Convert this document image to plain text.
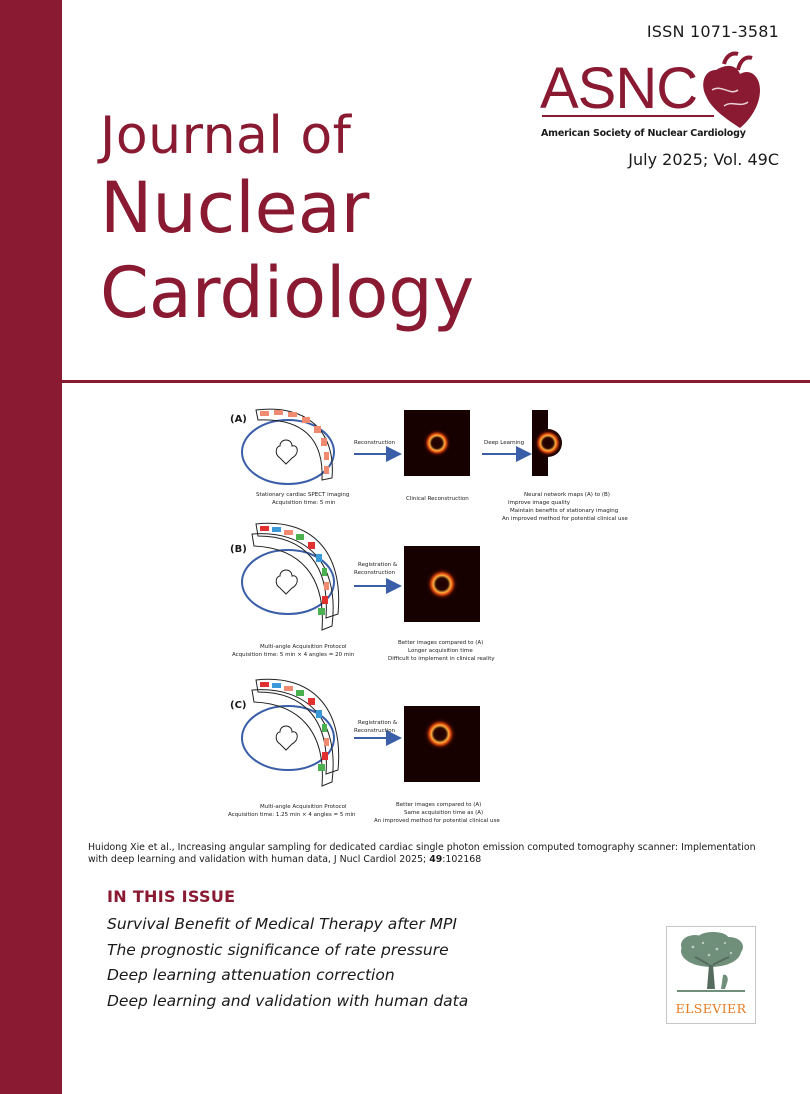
ISSN 1071-3581
ASNC
American Society of Nuclear Cardiology
July 2025; Vol. 49C
Journal of
Nuclear
Cardiology
(A)
Stationary cardiac SPECT imaging
Acquisition time: 5 min
Reconstruction
Clinical Reconstruction
Deep Learning
Neural network maps (A) to (B)
Improve image quality
Maintain benefits of stationary imaging
An improved method for potential clinical use
(B)
Multi-angle Acquisition Protocol
Acquisition time: 5 min × 4 angles = 20 min
Registration &
Reconstruction
Better images compared to (A)
Longer acquisition time
Difficult to implement in clinical reality
(C)
Multi-angle Acquisition Protocol
Acquisition time: 1.25 min × 4 angles = 5 min
Registration &
Reconstruction
Better images compared to (A)
Same acquisition time as (A)
An improved method for potential clinical use
Huidong Xie et al., Increasing angular sampling for dedicated cardiac single photon emission computed tomography scanner: Implementation with deep learning and validation with human data, J Nucl Cardiol 2025; 49:102168
IN THIS ISSUE
Survival Benefit of Medical Therapy after MPI
The prognostic significance of rate pressure
Deep learning attenuation correction
Deep learning and validation with human data	ELSEVIER
